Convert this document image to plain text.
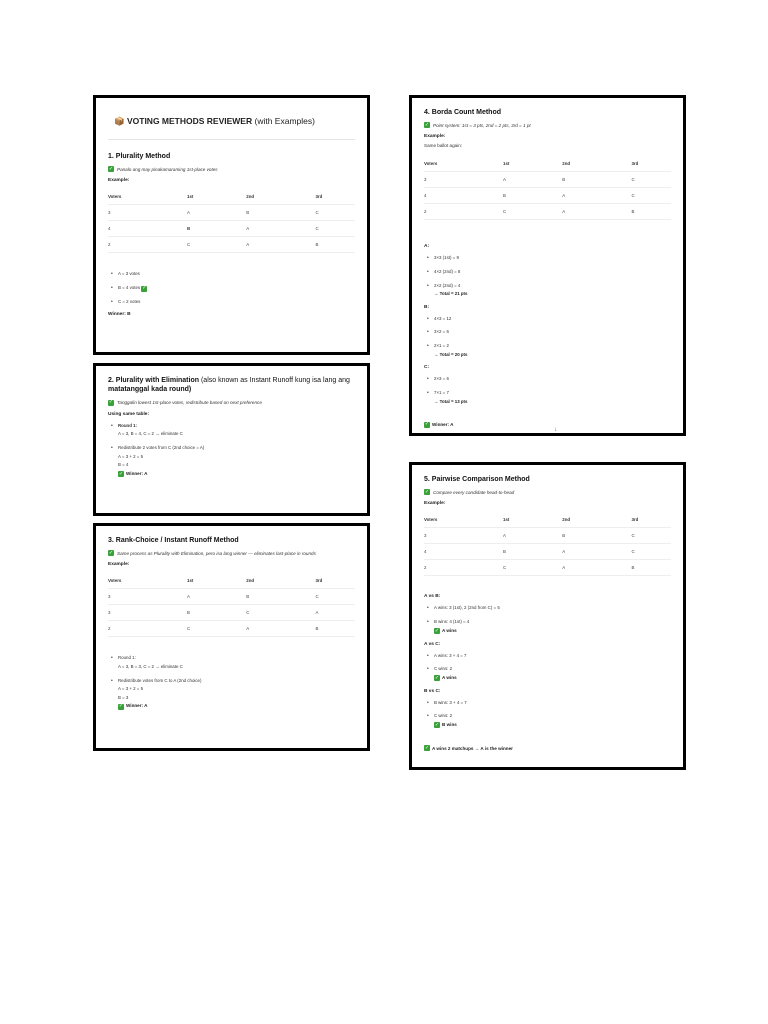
📦 VOTING METHODS REVIEWER (with Examples)
1. Plurality Method
✓ Panalo ang may pinakamaraming 1st-place votes
Example:
Voters	1st	2nd	3rd
3	A	B	C
4	B	A	C
2	C	A	B
• A = 3 votes
• B = 4 votes ✓
• C = 2 votes
Winner: B
2. Plurality with Elimination (also known as Instant Runoff kung isa lang ang
matatanggal kada round)
✓ Tanggalin lowest 1st-place votes, redistribute based on next preference
Using same table:
• Round 1:
A = 3, B = 4, C = 2 → eliminate C
• Redistribute 2 votes from C (2nd choice = A)
A = 3 + 2 = 5
B = 4
✓ Winner: A
3. Rank-Choice / Instant Runoff Method
✓ Same process as Plurality with Elimination, pero isa lang winner — eliminates last-place in rounds
Example:
Voters	1st	2nd	3rd
3	A	B	C
3	B	C	A
2	C	A	B
• Round 1:
A = 3, B = 3, C = 2 → eliminate C
• Redistribute votes from C to A (2nd choice)
A = 3 + 2 = 5
B = 3
✓ Winner: A
4. Borda Count Method
✓ Point system: 1st = 3 pts, 2nd = 2 pts, 3rd = 1 pt
Example:
Same ballot again:
Voters	1st	2nd	3rd
3	A	B	C
4	B	A	C
2	C	A	B
A:
• 3×3 (1st) = 9
• 4×2 (2nd) = 8
• 2×2 (2nd) = 4
→ Total = 21 pts
B:
• 4×3 = 12
• 3×2 = 6
• 2×1 = 2
→ Total = 20 pts
C:
• 2×3 = 6
• 7×1 = 7
→ Total = 13 pts
✓ Winner: A
↓
5. Pairwise Comparison Method
✓ Compare every candidate head-to-head
Example:
Voters	1st	2nd	3rd
3	A	B	C
4	B	A	C
2	C	A	B
A vs B:
• A wins: 3 (1st), 2 (2nd from C) = 5
• B wins: 4 (1st) = 4

✓ A wins
A vs C:
• A wins: 3 + 4 = 7
• C wins: 2

✓ A wins
B vs C:
• B wins: 3 + 4 = 7
• C wins: 2

✓ B wins
✓ A wins 2 matchups → A is the winner
